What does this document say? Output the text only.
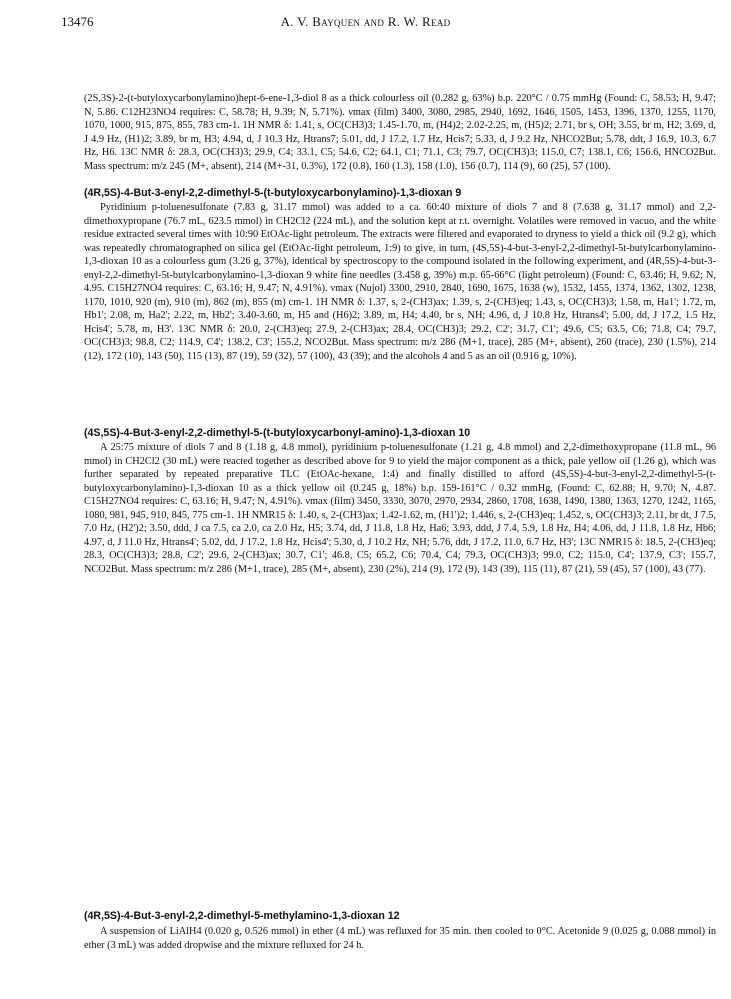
13476	A. V. Bayquen and R. W. Read

(2S,3S)-2-(t-butyloxycarbonylamino)hept-6-ene-1,3-diol 8 as a thick colourless oil (0.282 g, 63%) b.p. 220°C / 0.75 mmHg (Found: C, 58.53; H, 9.47; N, 5.86. C12H23NO4 requires: C, 58.78; H, 9.39; N, 5.71%). νmax (film) 3400, 3080, 2985, 2940, 1692, 1646, 1505, 1453, 1396, 1370, 1255, 1170, 1070, 1000, 915, 875, 855, 783 cm-1. 1H NMR δ: 1.41, s, OC(CH3)3; 1.45-1.70, m, (H4)2; 2.02-2.25, m, (H5)2; 2.71, br s, OH; 3.55, br m, H2; 3.69, d, J 4.9 Hz, (H1)2; 3.89, br m, H3; 4.94, d, J 10.3 Hz, Htrans7; 5.01, dd, J 17.2, 1.7 Hz, Hcis7; 5.33, d, J 9.2 Hz, NHCO2But; 5.78, ddt, J 16.9, 10.3, 6.7 Hz, H6. 13C NMR δ: 28.3, OC(CH3)3; 29.9, C4; 33.1, C5; 54.6, C2; 64.1, C1; 71.1, C3; 79.7, OC(CH3)3; 115.0, C7; 138.1, C6; 156.6, HNCO2But. Mass spectrum: m/z 245 (M+, absent), 214 (M+-31, 0.3%), 172 (0.8), 160 (1.3), 158 (1.0), 156 (0.7), 114 (9), 60 (25), 57 (100).

(4R,5S)-4-But-3-enyl-2,2-dimethyl-5-(t-butyloxycarbonylamino)-1,3-dioxan 9

Pyridinium p-toluenesulfonate (7.83 g, 31.17 mmol) was added to a ca. 60:40 mixture of diols 7 and 8 (7.638 g, 31.17 mmol) and 2,2-dimethoxypropane (76.7 mL, 623.5 mmol) in CH2Cl2 (224 mL), and the solution kept at r.t. overnight. Volatiles were removed in vacuo, and the white residue extracted several times with 10:90 EtOAc-light petroleum. The extracts were filtered and evaporated to dryness to yield a thick oil (9.2 g), which was repeatedly chromatographed on silica gel (EtOAc-light petroleum, 1:9) to give, in turn, (4S,5S)-4-but-3-enyl-2,2-dimethyl-5t-butylcarbonylamino-1,3-dioxan 10 as a colourless gum (3.26 g, 37%), identical by spectroscopy to the compound isolated in the following experiment, and (4R,5S)-4-but-3-enyl-2,2-dimethyl-5t-butylcarbonylamino-1,3-dioxan 9 white fine needles (3.458 g, 39%) m.p. 65-66°C (light petroleum) (Found: C, 63.46; H, 9.62; N, 4.95. C15H27NO4 requires: C, 63.16; H, 9.47; N, 4.91%). νmax (Nujol) 3300, 2910, 2840, 1690, 1675, 1638 (w), 1532, 1455, 1374, 1362, 1302, 1238, 1170, 1010, 920 (m), 910 (m), 862 (m), 855 (m) cm-1. 1H NMR δ: 1.37, s, 2-(CH3)ax; 1.39, s, 2-(CH3)eq; 1.43, s, OC(CH3)3; 1.58, m, Ha1'; 1.72, m, Hb1'; 2.08, m, Ha2'; 2.22, m, Hb2'; 3.40-3.60, m, H5 and (H6)2; 3.89, m, H4; 4.40, br s, NH; 4.96, d, J 10.8 Hz, Htrans4'; 5.00, dd, J 17.2, 1.5 Hz, Hcis4'; 5.78, m, H3'. 13C NMR δ: 20.0, 2-(CH3)eq; 27.9, 2-(CH3)ax; 28.4, OC(CH3)3; 29.2, C2'; 31.7, C1'; 49.6, C5; 63.5, C6; 71.8, C4; 79.7, OC(CH3)3; 98.8, C2; 114.9, C4'; 138.2, C3'; 155.2, NCO2But. Mass spectrum: m/z 286 (M+1, trace), 285 (M+, absent), 260 (trace), 230 (1.5%), 214 (12), 172 (10), 143 (50), 115 (13), 87 (19), 59 (32), 57 (100), 43 (39); and the alcohols 4 and 5 as an oil (0.916 g, 10%).

(4S,5S)-4-But-3-enyl-2,2-dimethyl-5-(t-butyloxycarbonyl-amino)-1,3-dioxan 10

A 25:75 mixture of diols 7 and 8 (1.18 g, 4.8 mmol), pyridinium p-toluenesulfonate (1.21 g, 4.8 mmol) and 2,2-dimethoxypropane (11.8 mL, 96 mmol) in CH2Cl2 (30 mL) were reacted together as described above for 9 to yield the major component as a thick, pale yellow oil (1.26 g), which was further separated by repeated preparative TLC (EtOAc-hexane, 1:4) and finally distilled to afford (4S,5S)-4-but-3-enyl-2,2-dimethyl-5-(t-butyloxycarbonylamino)-1,3-dioxan 10 as a thick yellow oil (0.245 g, 18%) b.p. 159-161°C / 0.32 mmHg, (Found: C, 62.88; H, 9.70; N, 4.87. C15H27NO4 requires: C, 63.16; H, 9.47; N, 4.91%). νmax (film) 3450, 3330, 3070, 2970, 2934, 2860, 1708, 1638, 1490, 1380, 1363, 1270, 1242, 1165, 1080, 981, 945, 910, 845, 775 cm-1. 1H NMR15 δ: 1.40, s, 2-(CH3)ax; 1.42-1.62, m, (H1')2; 1.446, s, 2-(CH3)eq; 1.452, s, OC(CH3)3; 2.11, br dt, J 7.5, 7.0 Hz, (H2')2; 3.50, ddd, J ca 7.5, ca 2.0, ca 2.0 Hz, H5; 3.74, dd, J 11.8, 1.8 Hz, Ha6; 3.93, ddd, J 7.4, 5.9, 1.8 Hz, H4; 4.06, dd, J 11.8, 1.8 Hz, Hb6; 4.97, d, J 11.0 Hz, Htrans4'; 5.02, dd, J 17.2, 1.8 Hz, Hcis4'; 5.30, d, J 10.2 Hz, NH; 5.76, ddt, J 17.2, 11.0, 6.7 Hz, H3'; 13C NMR15 δ: 18.5, 2-(CH3)eq; 28.3, OC(CH3)3; 28.8, C2'; 29.6, 2-(CH3)ax; 30.7, C1'; 46.8, C5; 65.2, C6; 70.4, C4; 79.3, OC(CH3)3; 99.0, C2; 115.0, C4'; 137.9, C3'; 155.7, NCO2But. Mass spectrum: m/z 286 (M+1, trace), 285 (M+, absent), 230 (2%), 214 (9), 172 (9), 143 (39), 115 (11), 87 (21), 59 (45), 57 (100), 43 (77).

(4R,5S)-4-But-3-enyl-2,2-dimethyl-5-methylamino-1,3-dioxan 12

A suspension of LiAlH4 (0.020 g, 0.526 mmol) in ether (4 mL) was refluxed for 35 min. then cooled to 0°C. Acetonide 9 (0.025 g, 0.088 mmol) in ether (3 mL) was added dropwise and the mixture refluxed for 24 h.
